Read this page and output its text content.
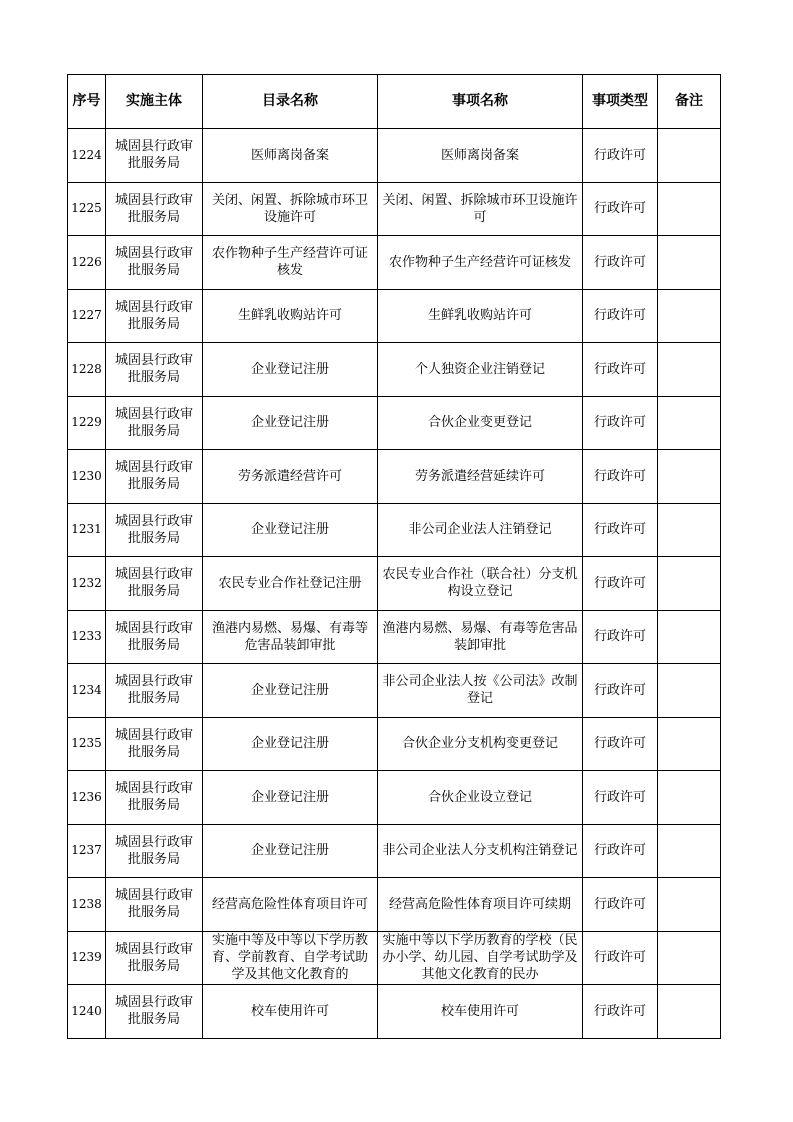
序号	实施主体	目录名称	事项名称	事项类型	备注

1224	城固县行政审批服务局	医师离岗备案	医师离岗备案	行政许可	

1225	城固县行政审批服务局	关闭、闲置、拆除城市环卫设施许可	关闭、闲置、拆除城市环卫设施许可	行政许可	

1226	城固县行政审批服务局	农作物种子生产经营许可证核发	农作物种子生产经营许可证核发	行政许可	

1227	城固县行政审批服务局	生鲜乳收购站许可	生鲜乳收购站许可	行政许可	

1228	城固县行政审批服务局	企业登记注册	个人独资企业注销登记	行政许可	

1229	城固县行政审批服务局	企业登记注册	合伙企业变更登记	行政许可	

1230	城固县行政审批服务局	劳务派遣经营许可	劳务派遣经营延续许可	行政许可	

1231	城固县行政审批服务局	企业登记注册	非公司企业法人注销登记	行政许可	

1232	城固县行政审批服务局	农民专业合作社登记注册	农民专业合作社（联合社）分支机构设立登记	行政许可	

1233	城固县行政审批服务局	渔港内易燃、易爆、有毒等危害品装卸审批	渔港内易燃、易爆、有毒等危害品装卸审批	行政许可	

1234	城固县行政审批服务局	企业登记注册	非公司企业法人按《公司法》改制登记	行政许可	

1235	城固县行政审批服务局	企业登记注册	合伙企业分支机构变更登记	行政许可	

1236	城固县行政审批服务局	企业登记注册	合伙企业设立登记	行政许可	

1237	城固县行政审批服务局	企业登记注册	非公司企业法人分支机构注销登记	行政许可	

1238	城固县行政审批服务局	经营高危险性体育项目许可	经营高危险性体育项目许可续期	行政许可	

1239	城固县行政审批服务局	实施中等及中等以下学历教育、学前教育、自学考试助学及其他文化教育的	实施中等以下学历教育的学校（民办小学、幼儿园、自学考试助学及其他文化教育的民办	行政许可	

1240	城固县行政审批服务局	校车使用许可	校车使用许可	行政许可	
